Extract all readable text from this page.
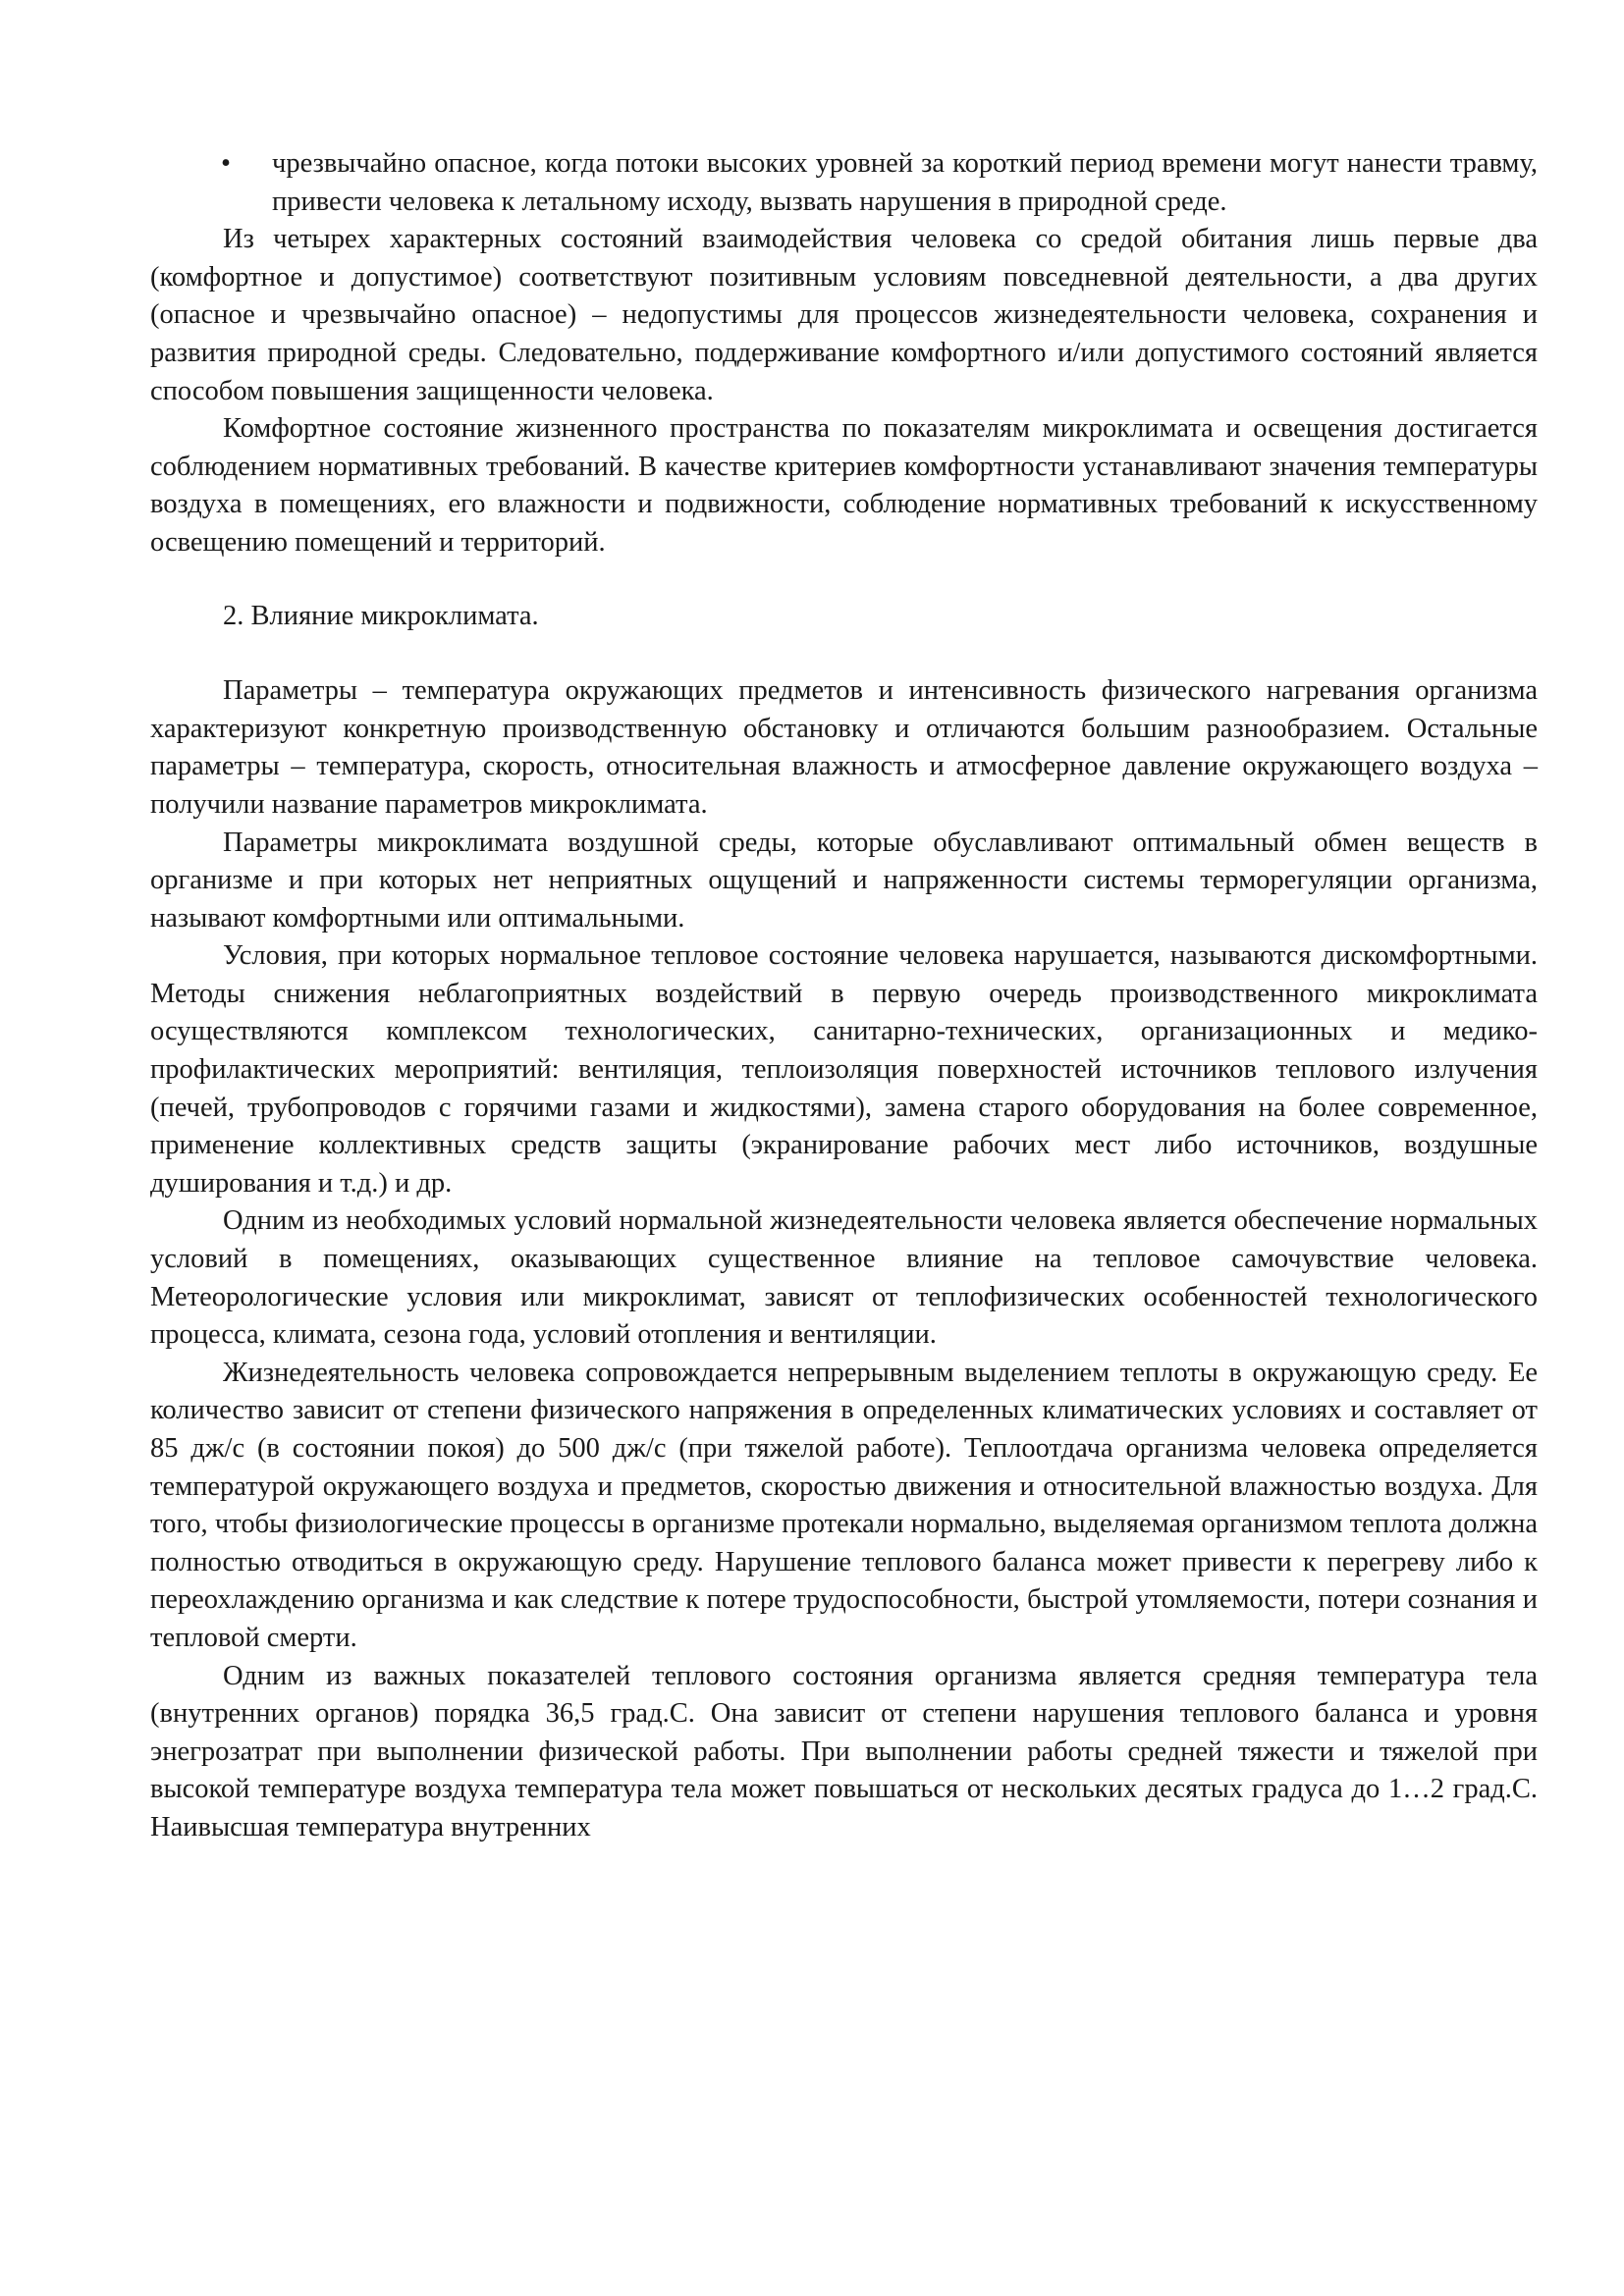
• чрезвычайно опасное, когда потоки высоких уровней за короткий период времени могут нанести травму, привести человека к летальному исходу, вызвать нарушения в природной среде.

Из четырех характерных состояний взаимодействия человека со средой обитания лишь первые два (комфортное и допустимое) соответствуют позитивным условиям повседневной деятельности, а два других (опасное и чрезвычайно опасное) – недопустимы для процессов жизнедеятельности человека, сохранения и развития природной среды. Следовательно, поддерживание комфортного и/или допустимого состояний является способом повышения защищенности человека.

Комфортное состояние жизненного пространства по показателям микроклимата и освещения достигается соблюдением нормативных требований. В качестве критериев комфортности устанавливают значения температуры воздуха в помещениях, его влажности и подвижности, соблюдение нормативных требований к искусственному освещению помещений и территорий.

2. Влияние микроклимата.

Параметры – температура окружающих предметов и интенсивность физического нагревания организма характеризуют конкретную производственную обстановку и отличаются большим разнообразием. Остальные параметры – температура, скорость, относительная влажность и атмосферное давление окружающего воздуха – получили название параметров микроклимата.

Параметры микроклимата воздушной среды, которые обуславливают оптимальный обмен веществ в организме и при которых нет неприятных ощущений и напряженности системы терморегуляции организма, называют комфортными или оптимальными.

Условия, при которых нормальное тепловое состояние человека нарушается, называются дискомфортными. Методы снижения неблагоприятных воздействий в первую очередь производственного микроклимата осуществляются комплексом технологических, санитарно-технических, организационных и медико-профилактических мероприятий: вентиляция, теплоизоляция поверхностей источников теплового излучения (печей, трубопроводов с горячими газами и жидкостями), замена старого оборудования на более современное, применение коллективных средств защиты (экранирование рабочих мест либо источников, воздушные душирования и т.д.) и др.

Одним из необходимых условий нормальной жизнедеятельности человека является обеспечение нормальных условий в помещениях, оказывающих существенное влияние на тепловое самочувствие человека. Метеорологические условия или микроклимат, зависят от теплофизических особенностей технологического процесса, климата, сезона года, условий отопления и вентиляции.

Жизнедеятельность человека сопровождается непрерывным выделением теплоты в окружающую среду. Ее количество зависит от степени физического напряжения в определенных климатических условиях и составляет от 85 дж/с (в состоянии покоя) до 500 дж/с (при тяжелой работе). Теплоотдача организма человека определяется температурой окружающего воздуха и предметов, скоростью движения и относительной влажностью воздуха. Для того, чтобы физиологические процессы в организме протекали нормально, выделяемая организмом теплота должна полностью отводиться в окружающую среду. Нарушение теплового баланса может привести к перегреву либо к переохлаждению организма и как следствие к потере трудоспособности, быстрой утомляемости, потери сознания и тепловой смерти.

Одним из важных показателей теплового состояния организма является средняя температура тела (внутренних органов) порядка 36,5 град.С. Она зависит от степени нарушения теплового баланса и уровня энегрозатрат при выполнении физической работы. При выполнении работы средней тяжести и тяжелой при высокой температуре воздуха температура тела может повышаться от нескольких десятых градуса до 1…2 град.С. Наивысшая температура внутренних
